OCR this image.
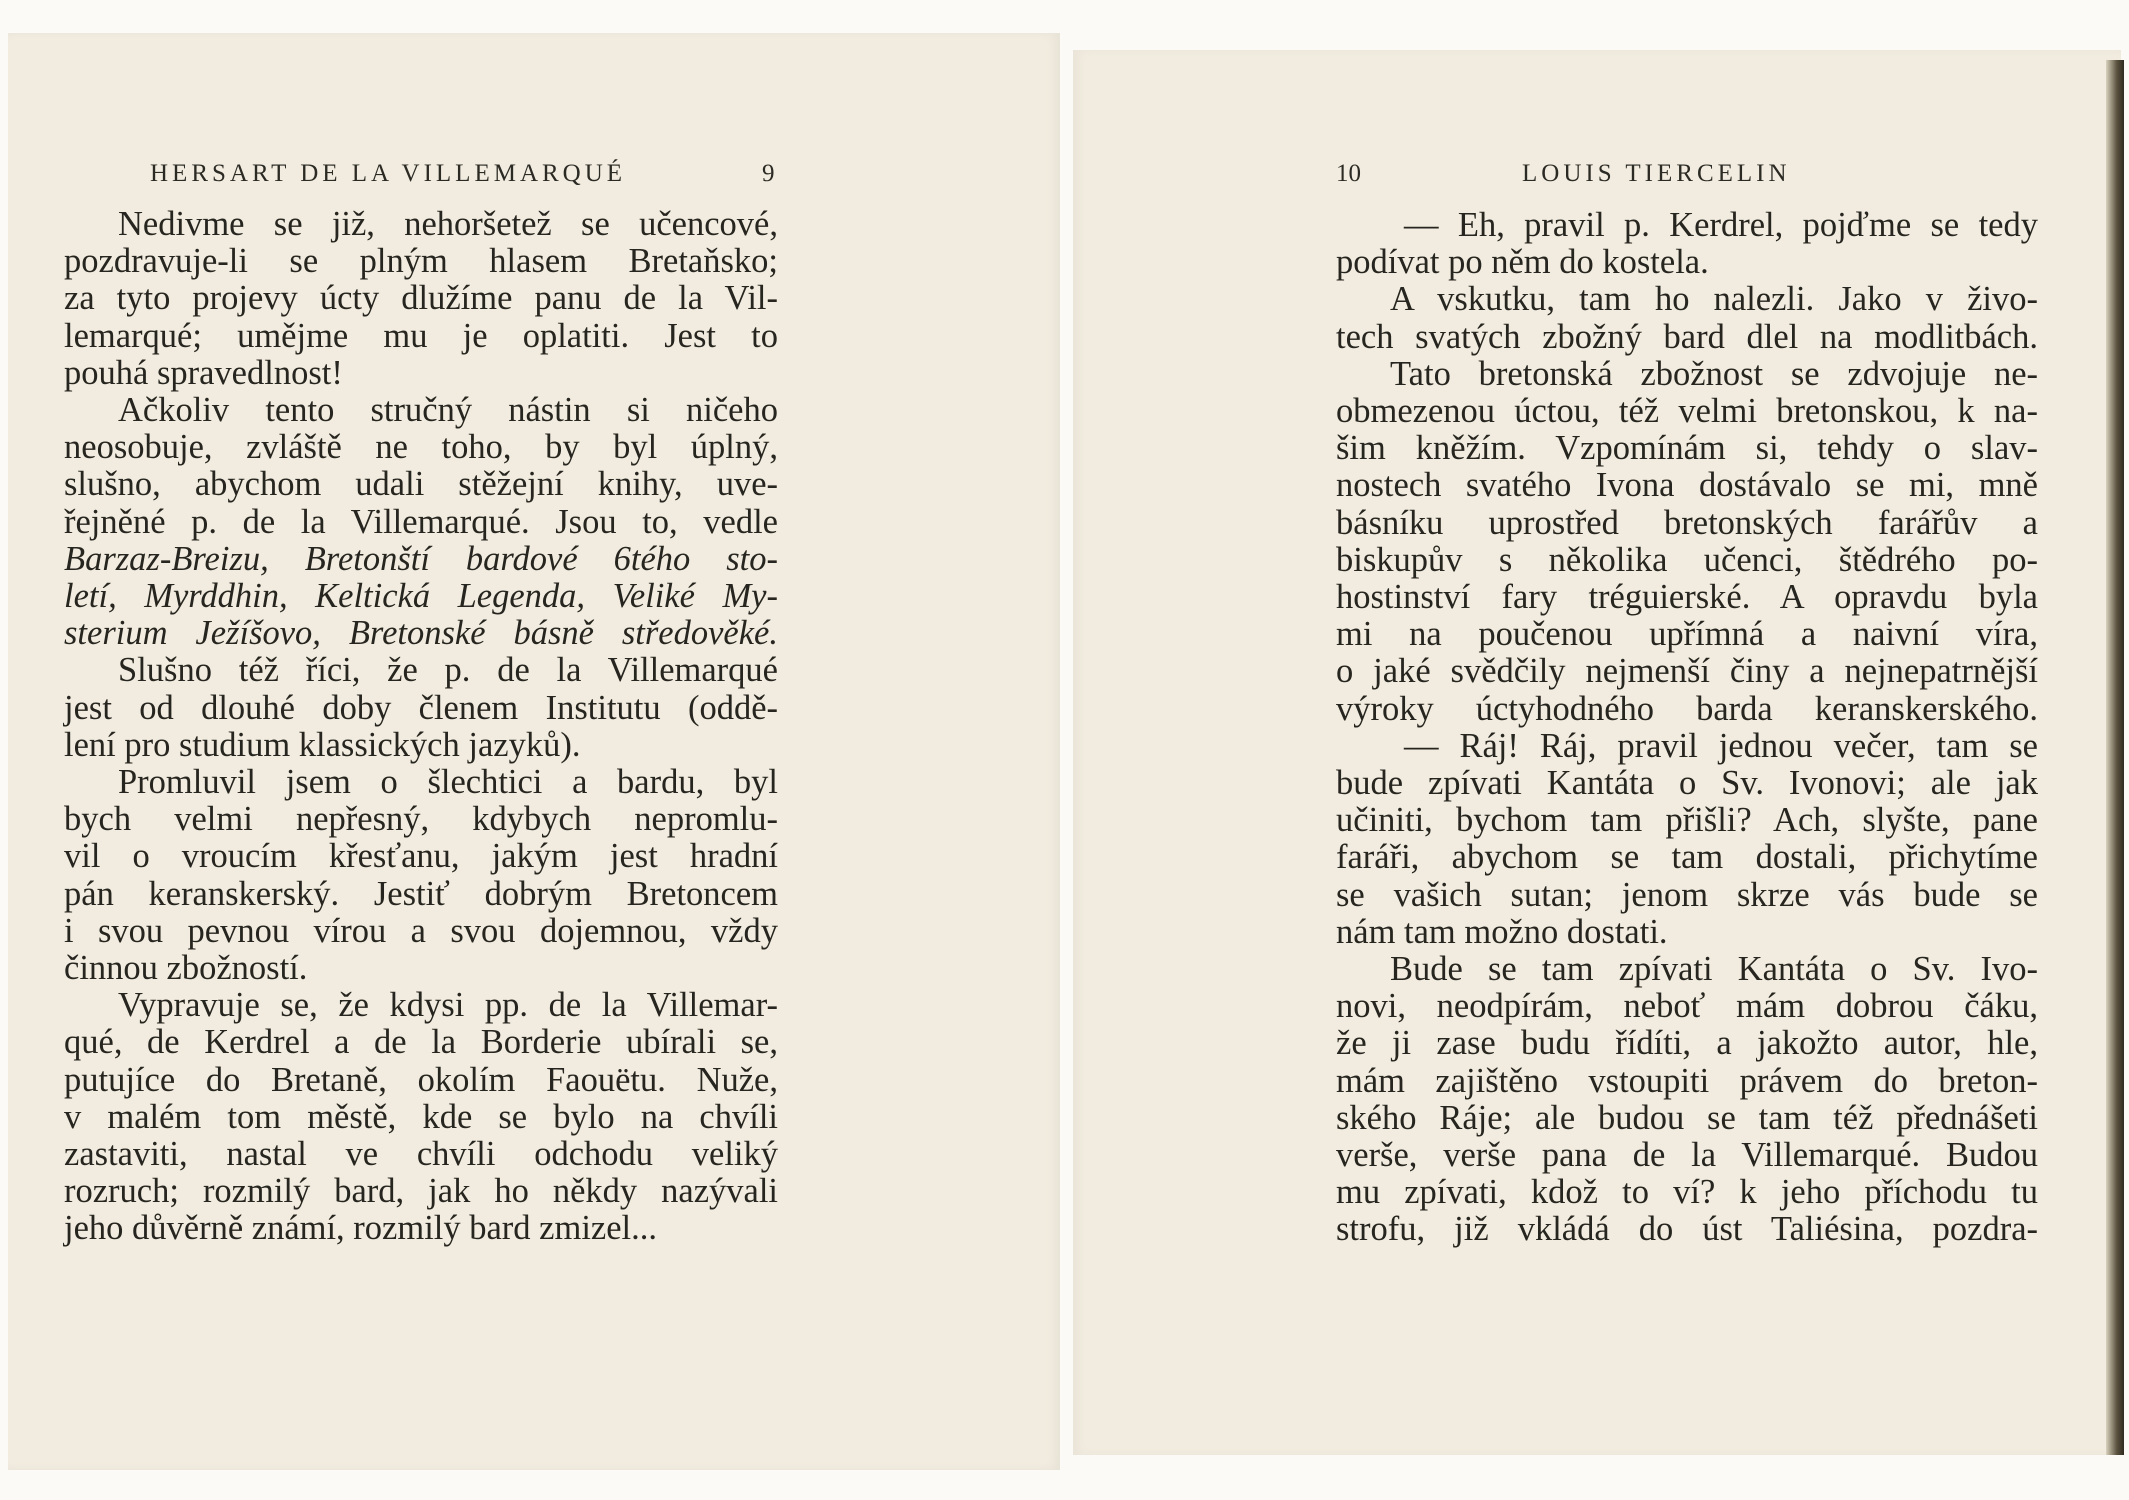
HERSART DE LA VILLEMARQUÉ	9	10	LOUIS TIERCELIN
Nedivme se již, nehoršetež se učencové,
pozdravuje-li se plným hlasem Bretaňsko;
za tyto projevy úcty dlužíme panu de la Vil-
lemarqué; umějme mu je oplatiti. Jest to
pouhá spravedlnost!
Ačkoliv tento stručný nástin si ničeho
neosobuje, zvláště ne toho, by byl úplný,
slušno, abychom udali stěžejní knihy, uve-
řejněné p. de la Villemarqué. Jsou to, vedle
Barzaz-Breizu, Bretonští bardové 6tého sto-
letí, Myrddhin, Keltická Legenda, Veliké My-
sterium Ježíšovo, Bretonské básně středověké.
Slušno též říci, že p. de la Villemarqué
jest od dlouhé doby členem Institutu (oddě-
lení pro studium klassických jazyků).
Promluvil jsem o šlechtici a bardu, byl
bych velmi nepřesný, kdybych nepromlu-
vil o vroucím křesťanu, jakým jest hradní
pán keranskerský. Jestiť dobrým Bretoncem
i svou pevnou vírou a svou dojemnou, vždy
činnou zbožností.
Vypravuje se, že kdysi pp. de la Villemar-
qué, de Kerdrel a de la Borderie ubírali se,
putujíce do Bretaně, okolím Faouëtu. Nuže,
v malém tom městě, kde se bylo na chvíli
zastaviti, nastal ve chvíli odchodu veliký
rozruch; rozmilý bard, jak ho někdy nazývali
jeho důvěrně známí, rozmilý bard zmizel...
— Eh, pravil p. Kerdrel, pojďme se tedy
podívat po něm do kostela.
A vskutku, tam ho nalezli. Jako v živo-
tech svatých zbožný bard dlel na modlitbách.
Tato bretonská zbožnost se zdvojuje ne-
obmezenou úctou, též velmi bretonskou, k na-
šim kněžím. Vzpomínám si, tehdy o slav-
nostech svatého Ivona dostávalo se mi, mně
básníku uprostřed bretonských farářův a
biskupův s několika učenci, štědrého po-
hostinství fary tréguierské. A opravdu byla
mi na poučenou upřímná a naivní víra,
o jaké svědčily nejmenší činy a nejnepatrnější
výroky úctyhodného barda keranskerského.
— Ráj! Ráj, pravil jednou večer, tam se
bude zpívati Kantáta o Sv. Ivonovi; ale jak
učiniti, bychom tam přišli? Ach, slyšte, pane
faráři, abychom se tam dostali, přichytíme
se vašich sutan; jenom skrze vás bude se
nám tam možno dostati.
Bude se tam zpívati Kantáta o Sv. Ivo-
novi, neodpírám, neboť mám dobrou čáku,
že ji zase budu řídíti, a jakožto autor, hle,
mám zajištěno vstoupiti právem do breton-
ského Ráje; ale budou se tam též přednášeti
verše, verše pana de la Villemarqué. Budou
mu zpívati, kdož to ví? k jeho příchodu tu
strofu, již vkládá do úst Taliésina, pozdra-
